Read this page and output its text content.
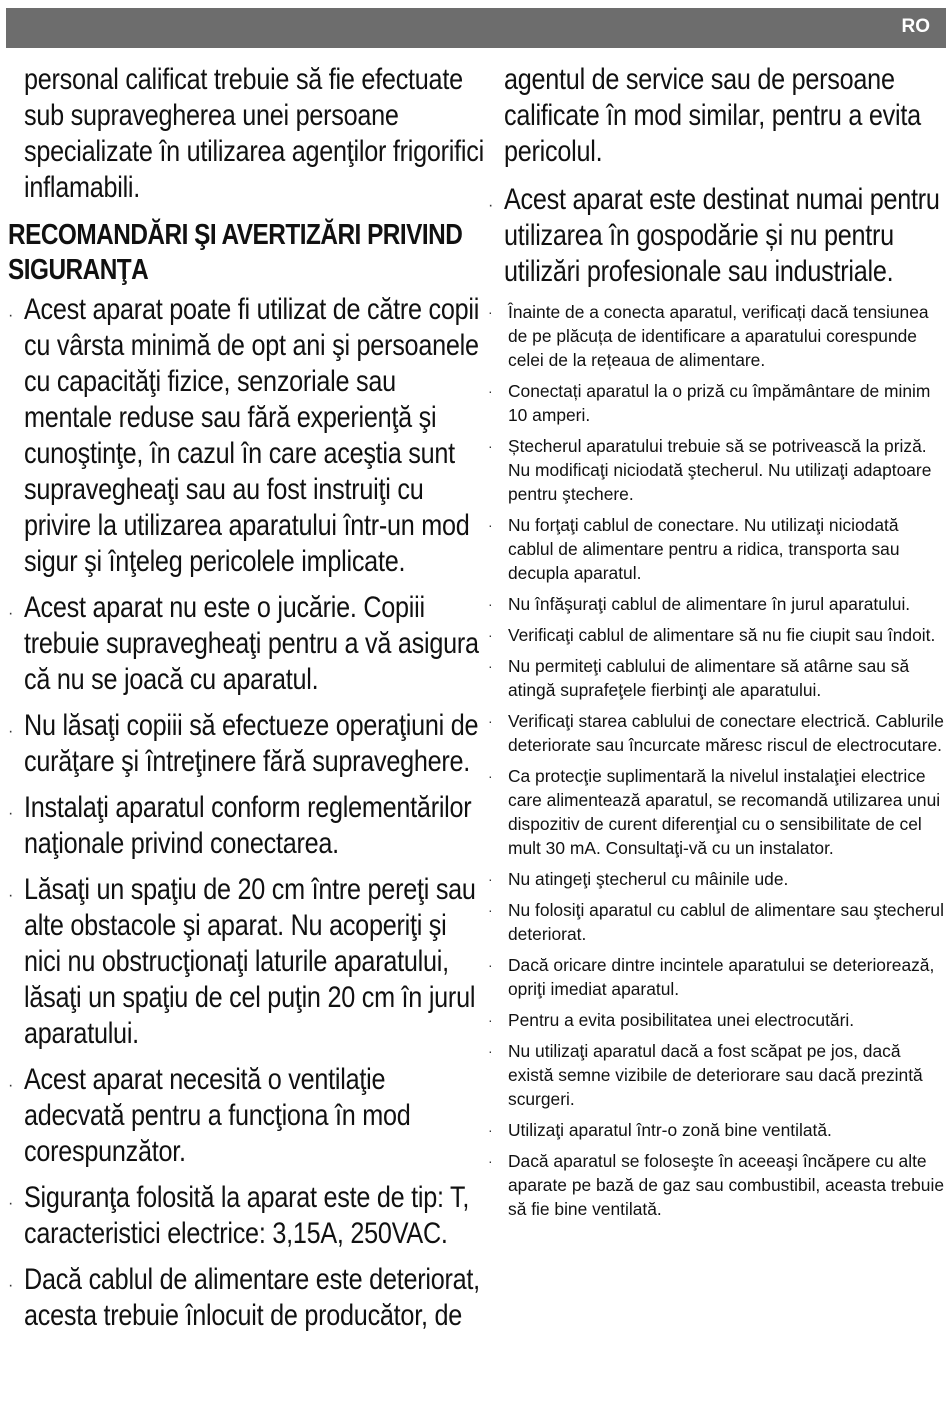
RO

personal calificat trebuie să fie efectuate sub supravegherea unei persoane specializate în utilizarea agenţilor frigorifici inflamabili.

RECOMANDĂRI ŞI AVERTIZĂRI PRIVIND SIGURANŢA
· Acest aparat poate fi utilizat de către copii cu vârsta minimă de opt ani şi persoanele cu capacităţi fizice, senzoriale sau mentale reduse sau fără experienţă şi cunoştinţe, în cazul în care aceştia sunt supravegheaţi sau au fost instruiţi cu privire la utilizarea aparatului într-un mod sigur şi înţeleg pericolele implicate.
· Acest aparat nu este o jucărie. Copiii trebuie supravegheaţi pentru a vă asigura că nu se joacă cu aparatul.
· Nu lăsaţi copiii să efectueze operaţiuni de curăţare şi întreţinere fără supraveghere.
· Instalaţi aparatul conform reglementărilor naţionale privind conectarea.
· Lăsaţi un spaţiu de 20 cm între pereţi sau alte obstacole şi aparat. Nu acoperiţi şi nici nu obstrucţionaţi laturile aparatului, lăsaţi un spaţiu de cel puţin 20 cm în jurul aparatului.
· Acest aparat necesită o ventilaţie adecvată pentru a funcţiona în mod corespunzător.
· Siguranţa folosită la aparat este de tip: T, caracteristici electrice: 3,15A, 250VAC.
· Dacă cablul de alimentare este deteriorat, acesta trebuie înlocuit de producător, de

agentul de service sau de persoane calificate în mod similar, pentru a evita pericolul.

· Acest aparat este destinat numai pentru utilizarea în gospodărie și nu pentru utilizări profesionale sau industriale.
· Înainte de a conecta aparatul, verificați dacă tensiunea de pe plăcuța de identificare a aparatului corespunde celei de la rețeaua de alimentare.
· Conectați aparatul la o priză cu împământare de minim 10 amperi.
· Ștecherul aparatului trebuie să se potrivească la priză. Nu modificaţi niciodată ştecherul. Nu utilizaţi adaptoare pentru ştechere.
· Nu forţaţi cablul de conectare. Nu utilizaţi niciodată cablul de alimentare pentru a ridica, transporta sau decupla aparatul.
· Nu înfăşuraţi cablul de alimentare în jurul aparatului.
· Verificaţi cablul de alimentare să nu fie ciupit sau îndoit.
· Nu permiteţi cablului de alimentare să atârne sau să atingă suprafeţele fierbinţi ale aparatului.
· Verificaţi starea cablului de conectare electrică. Cablurile deteriorate sau încurcate măresc riscul de electrocutare.
· Ca protecţie suplimentară la nivelul instalaţiei electrice care alimentează aparatul, se recomandă utilizarea unui dispozitiv de curent diferenţial cu o sensibilitate de cel mult 30 mA. Consultaţi-vă cu un instalator.
· Nu atingeţi ştecherul cu mâinile ude.
· Nu folosiţi aparatul cu cablul de alimentare sau ştecherul deteriorat.
· Dacă oricare dintre incintele aparatului se deteriorează, opriţi imediat aparatul.
· Pentru a evita posibilitatea unei electrocutări.
· Nu utilizaţi aparatul dacă a fost scăpat pe jos, dacă există semne vizibile de deteriorare sau dacă prezintă scurgeri.
· Utilizaţi aparatul într-o zonă bine ventilată.
· Dacă aparatul se foloseşte în aceeaşi încăpere cu alte aparate pe bază de gaz sau combustibil, aceasta trebuie să fie bine ventilată.
